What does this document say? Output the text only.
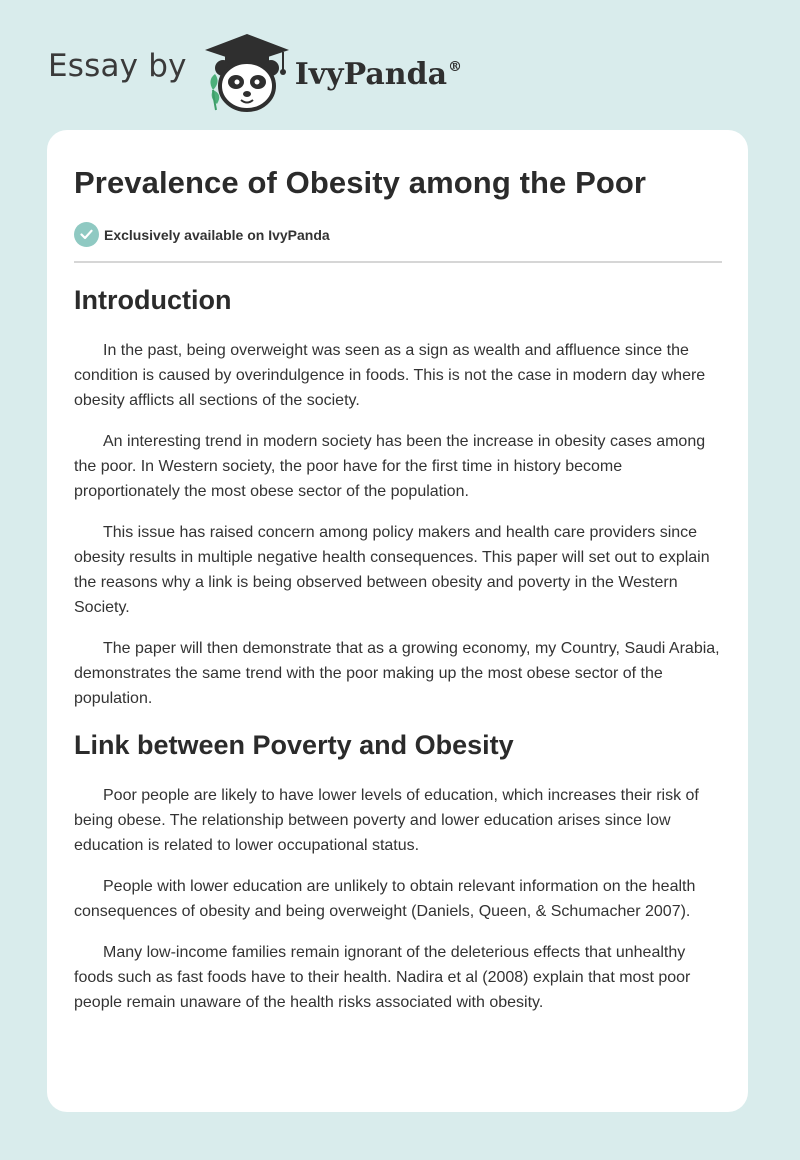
Essay by	IvyPanda®
Prevalence of Obesity among the Poor
Exclusively available on IvyPanda
Introduction

In the past, being overweight was seen as a sign as wealth and affluence since the condition is caused by overindulgence in foods. This is not the case in modern day where obesity afflicts all sections of the society.

An interesting trend in modern society has been the increase in obesity cases among the poor. In Western society, the poor have for the first time in history become proportionately the most obese sector of the population.

This issue has raised concern among policy makers and health care providers since obesity results in multiple negative health consequences. This paper will set out to explain the reasons why a link is being observed between obesity and poverty in the Western Society.

The paper will then demonstrate that as a growing economy, my Country, Saudi Arabia, demonstrates the same trend with the poor making up the most obese sector of the population.

Link between Poverty and Obesity

Poor people are likely to have lower levels of education, which increases their risk of being obese. The relationship between poverty and lower education arises since low education is related to lower occupational status.

People with lower education are unlikely to obtain relevant information on the health consequences of obesity and being overweight (Daniels, Queen, & Schumacher 2007).

Many low-income families remain ignorant of the deleterious effects that unhealthy foods such as fast foods have to their health. Nadira et al (2008) explain that most poor people remain unaware of the health risks associated with obesity.
